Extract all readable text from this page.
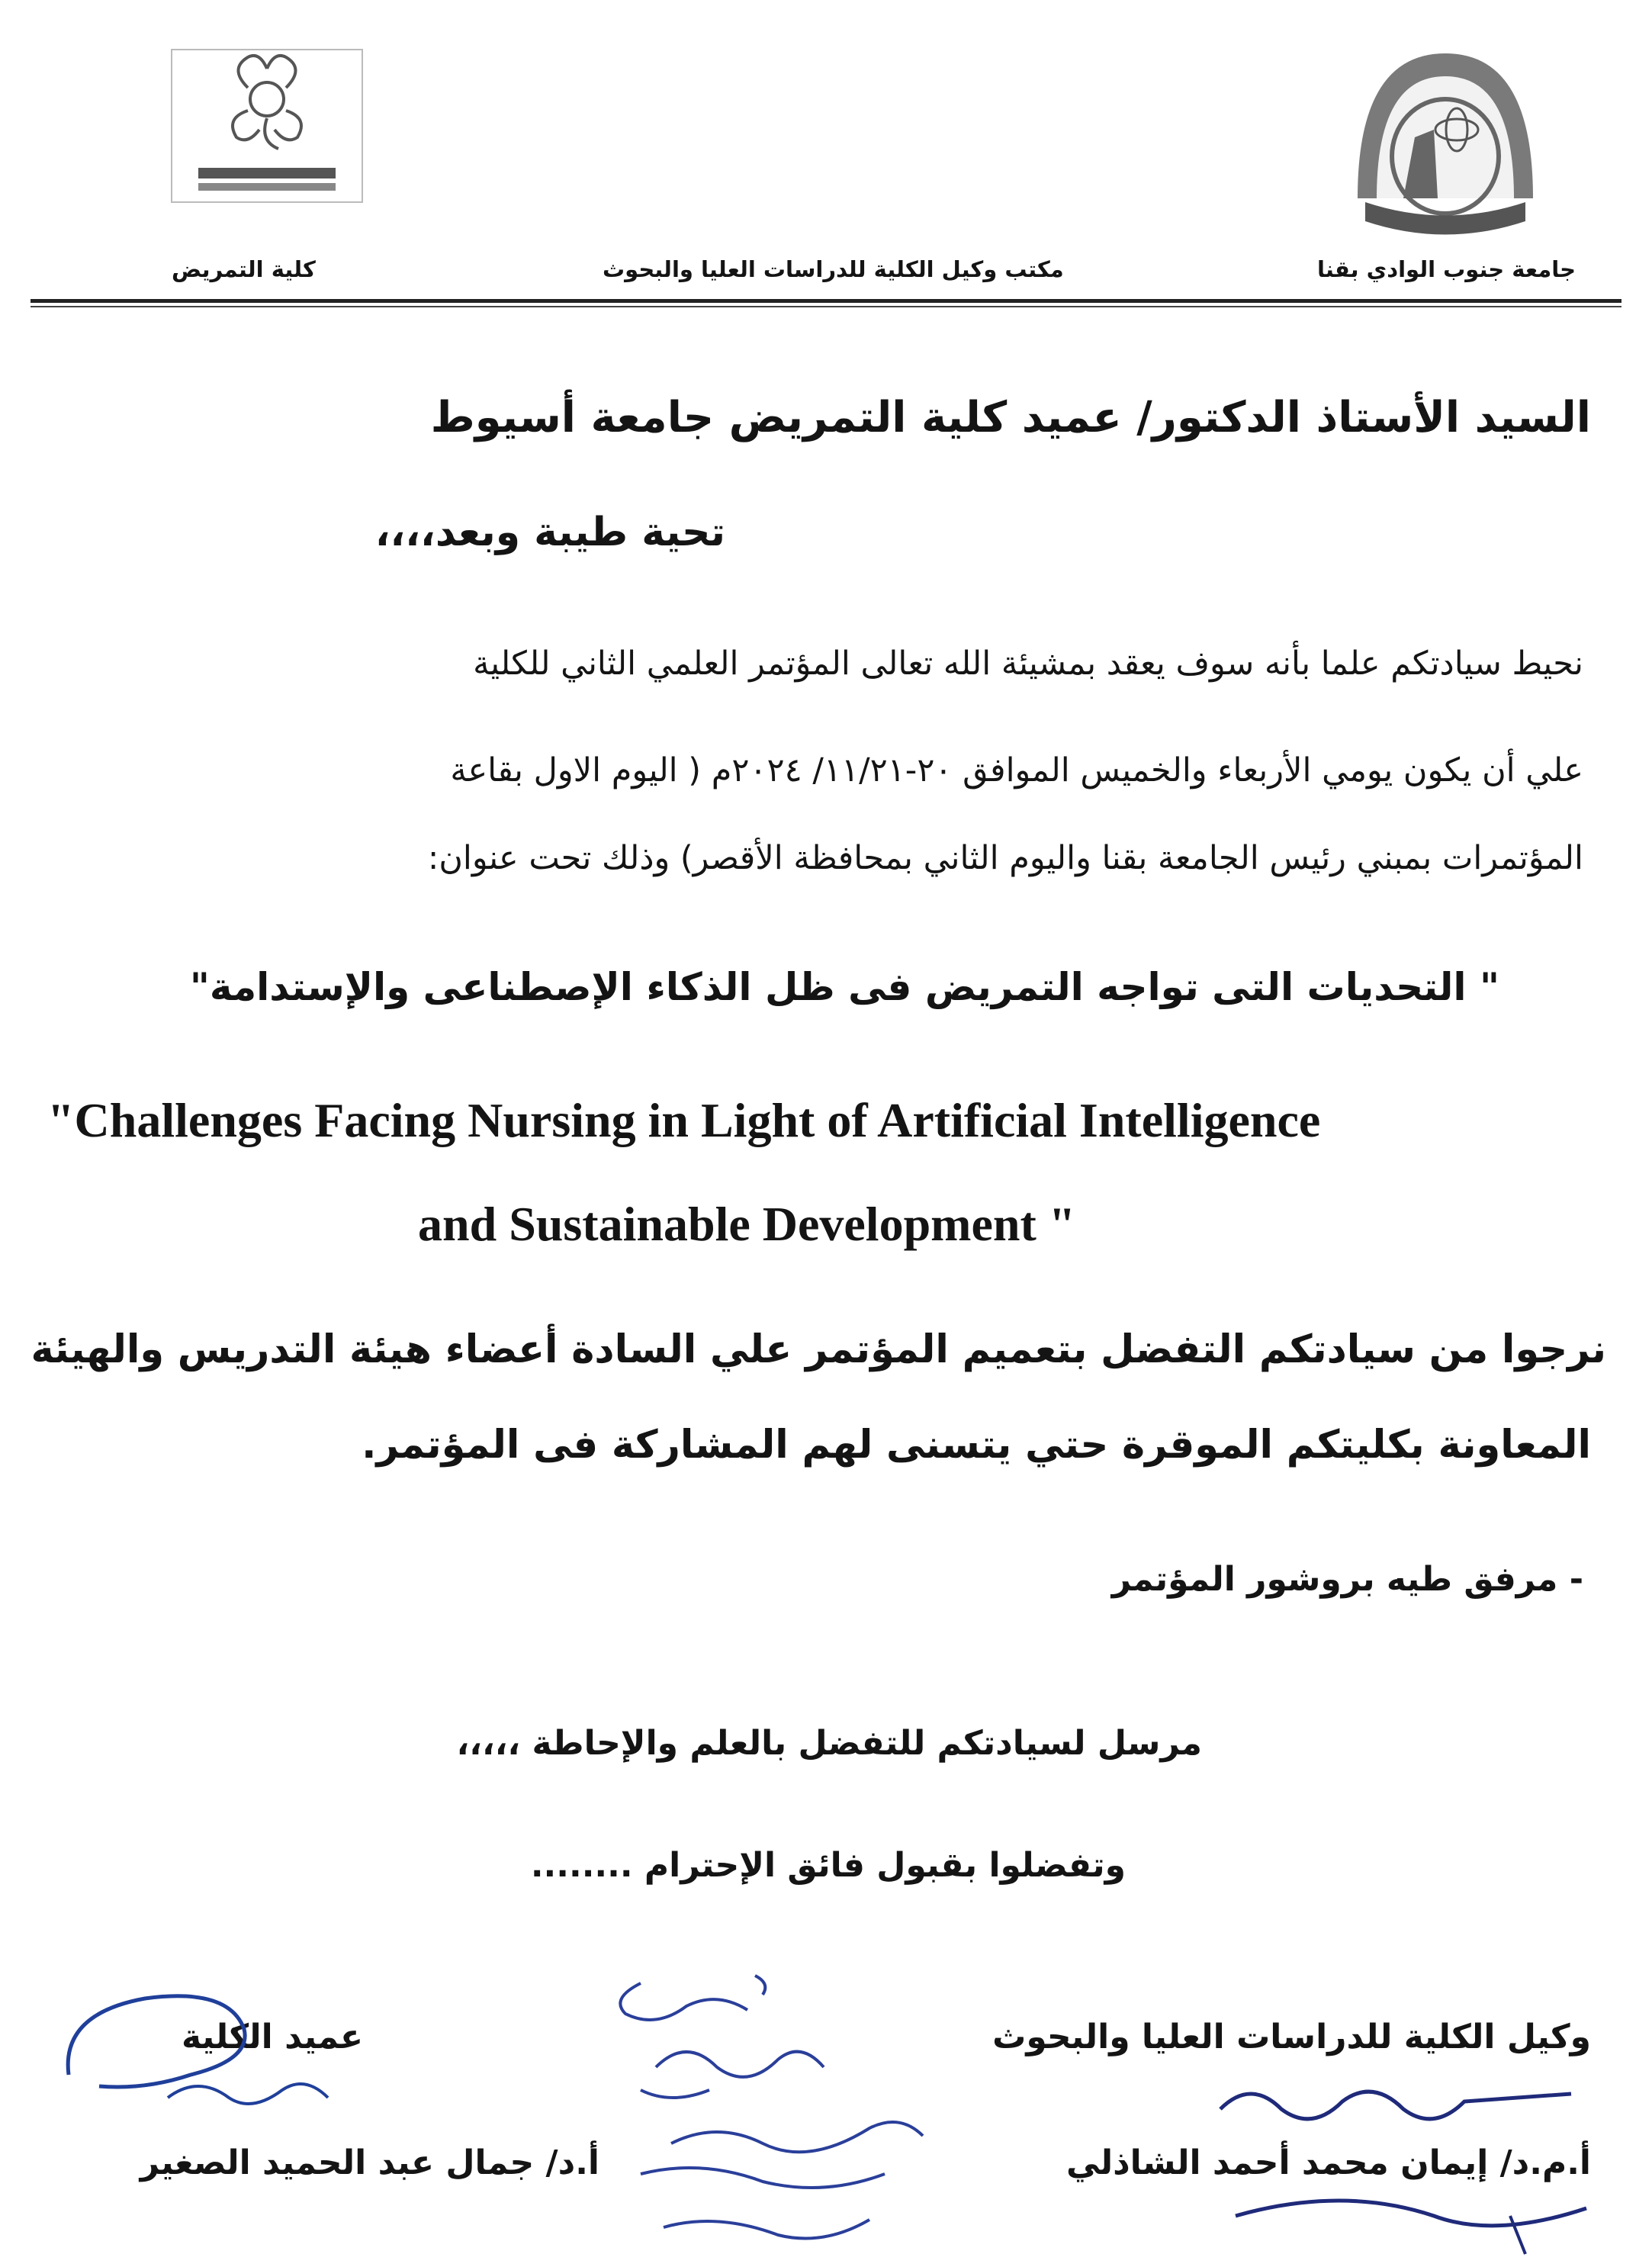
جامعة جنوب الوادي بقنا
مكتب وكيل الكلية للدراسات العليا والبحوث
كلية التمريض
السيد الأستاذ الدكتور/ عميد كلية التمريض جامعة أسيوط
تحية طيبة وبعد،،،،
نحيط سيادتكم علما بأنه سوف يعقد بمشيئة الله تعالى المؤتمر العلمي الثاني للكلية
علي أن يكون يومي الأربعاء والخميس الموافق ٢٠-١١/٢١/ ٢٠٢٤م ( اليوم الاول بقاعة
المؤتمرات بمبني رئيس الجامعة بقنا واليوم الثاني بمحافظة الأقصر) وذلك تحت عنوان:
" التحديات التى تواجه التمريض فى ظل الذكاء الإصطناعى والإستدامة"
"Challenges Facing Nursing in Light of Artificial Intelligence
and Sustainable Development "
نرجوا من سيادتكم التفضل بتعميم المؤتمر علي السادة أعضاء هيئة التدريس والهيئة
المعاونة بكليتكم الموقرة حتي يتسنى لهم المشاركة فى المؤتمر.
- مرفق طيه بروشور المؤتمر
مرسل لسيادتكم للتفضل بالعلم والإحاطة ،،،،،
وتفضلوا بقبول فائق الإحترام ........
وكيل الكلية للدراسات العليا والبحوث
عميد الكلية
أ.م.د/ إيمان محمد أحمد الشاذلي
أ.د/ جمال عبد الحميد الصغير
